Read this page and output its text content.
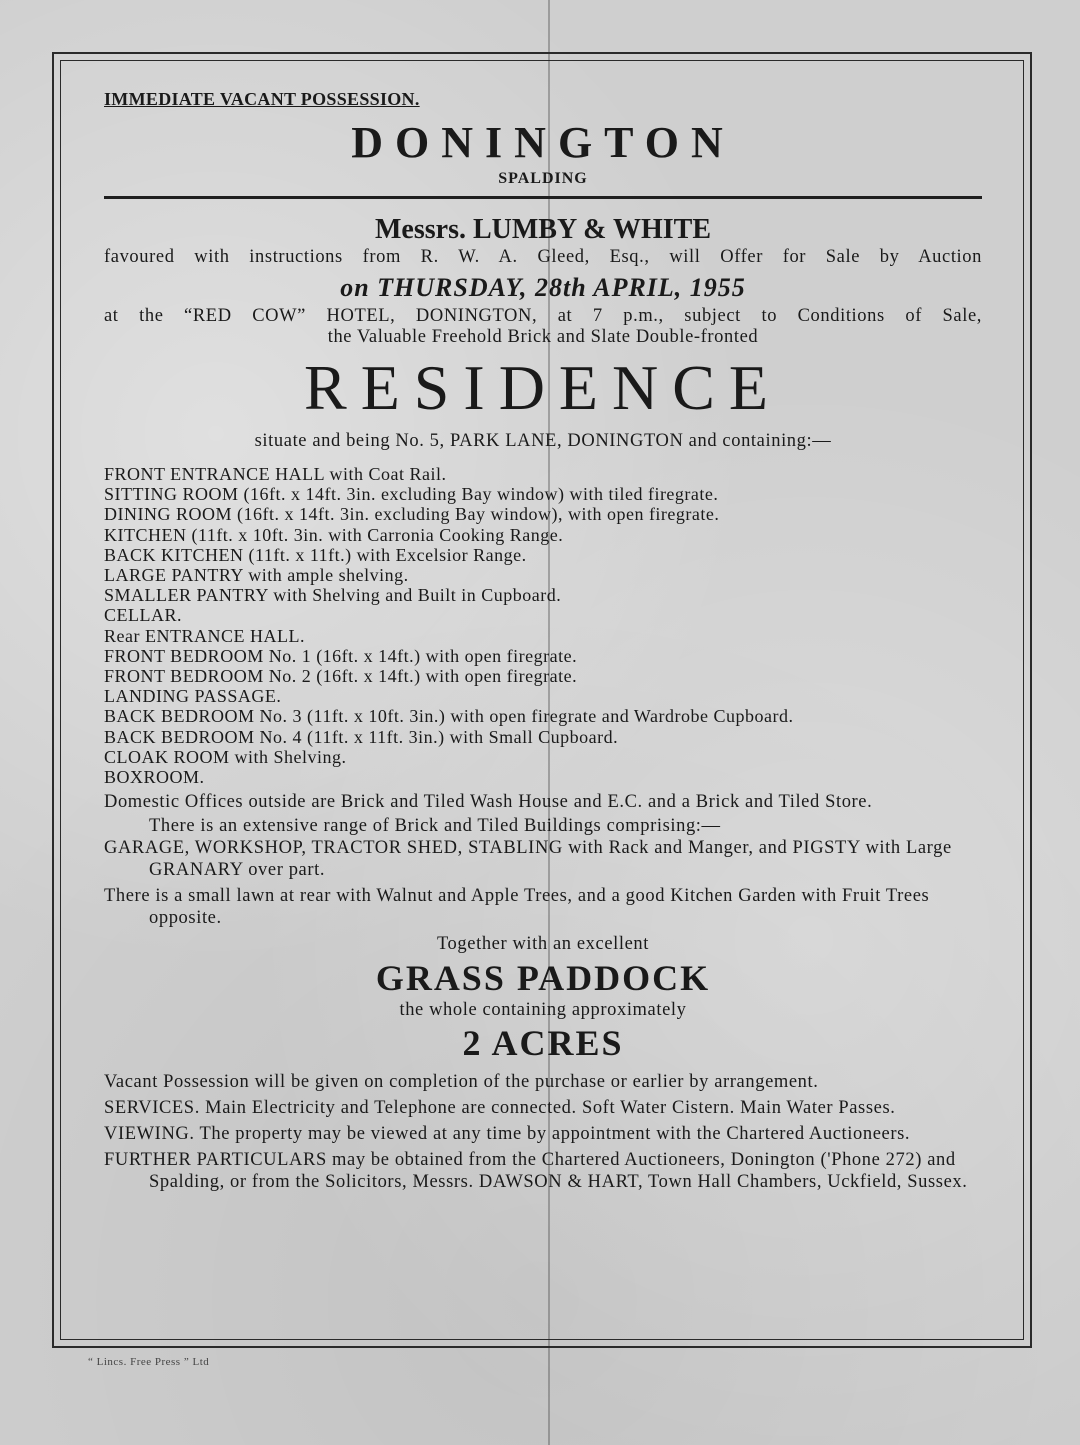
IMMEDIATE VACANT POSSESSION.

DONINGTON

SPALDING

Messrs. LUMBY & WHITE

favoured with instructions from R. W. A. Gleed, Esq., will Offer for Sale by Auction

on THURSDAY, 28th APRIL, 1955

at the “RED COW” HOTEL, DONINGTON, at 7 p.m., subject to Conditions of Sale,

the Valuable Freehold Brick and Slate Double-fronted

RESIDENCE

situate and being No. 5, PARK LANE, DONINGTON and containing:—

FRONT ENTRANCE HALL with Coat Rail.
SITTING ROOM (16ft. x 14ft. 3in. excluding Bay window) with tiled firegrate.
DINING ROOM (16ft. x 14ft. 3in. excluding Bay window), with open firegrate.
KITCHEN (11ft. x 10ft. 3in. with Carronia Cooking Range.
BACK KITCHEN (11ft. x 11ft.) with Excelsior Range.
LARGE PANTRY with ample shelving.
SMALLER PANTRY with Shelving and Built in Cupboard.
CELLAR.
Rear ENTRANCE HALL.
FRONT BEDROOM No. 1 (16ft. x 14ft.) with open firegrate.
FRONT BEDROOM No. 2 (16ft. x 14ft.) with open firegrate.
LANDING PASSAGE.
BACK BEDROOM No. 3 (11ft. x 10ft. 3in.) with open firegrate and Wardrobe Cupboard.
BACK BEDROOM No. 4 (11ft. x 11ft. 3in.) with Small Cupboard.
CLOAK ROOM with Shelving.
BOXROOM.

Domestic Offices outside are Brick and Tiled Wash House and E.C. and a Brick and Tiled Store.

There is an extensive range of Brick and Tiled Buildings comprising:—

GARAGE, WORKSHOP, TRACTOR SHED, STABLING with Rack and Manger, and PIGSTY with Large GRANARY over part.

There is a small lawn at rear with Walnut and Apple Trees, and a good Kitchen Garden with Fruit Trees opposite.

Together with an excellent

GRASS PADDOCK

the whole containing approximately

2 ACRES

Vacant Possession will be given on completion of the purchase or earlier by arrangement.

SERVICES. Main Electricity and Telephone are connected. Soft Water Cistern. Main Water Passes.

VIEWING. The property may be viewed at any time by appointment with the Chartered Auctioneers.

FURTHER PARTICULARS may be obtained from the Chartered Auctioneers, Donington ('Phone 272) and Spalding, or from the Solicitors, Messrs. DAWSON & HART, Town Hall Chambers, Uckfield, Sussex.

“ Lincs. Free Press ” Ltd
